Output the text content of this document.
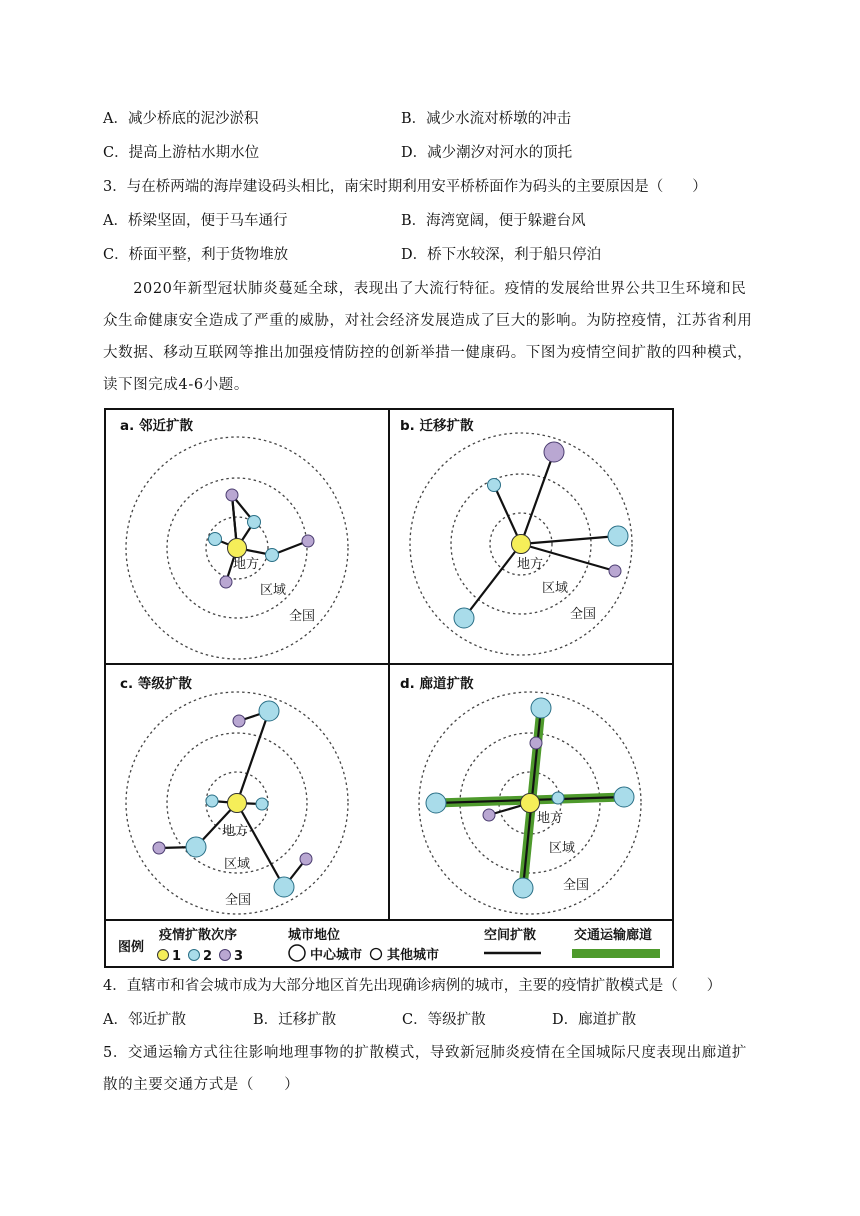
A．减少桥底的泥沙淤积	B．减少水流对桥墩的冲击
C．提高上游枯水期水位	D．减少潮汐对河水的顶托
3．与在桥两端的海岸建设码头相比，南宋时期利用安平桥桥面作为码头的主要原因是（　　）
A．桥梁坚固，便于马车通行	B．海湾宽阔，便于躲避台风
C．桥面平整，利于货物堆放	D．桥下水较深，利于船只停泊
　　2020年新型冠状肺炎蔓延全球，表现出了大流行特征。疫情的发展给世界公共卫生环境和民众生命健康安全造成了严重的威胁，对社会经济发展造成了巨大的影响。为防控疫情，江苏省利用大数据、移动互联网等推出加强疫情防控的创新举措一健康码。下图为疫情空间扩散的四种模式，读下图完成4-6小题。
a. 邻近扩散
地方
区域
全国
b. 迁移扩散
地方
区域
全国
c. 等级扩散
地方
区域
全国
d. 廊道扩散
地方
区域
全国
图例
疫情扩散次序
1 2 3
城市地位
中心城市 其他城市
空间扩散	交通运输廊道
4．直辖市和省会城市成为大部分地区首先出现确诊病例的城市，主要的疫情扩散模式是（　　）
A．邻近扩散	B．迁移扩散	C．等级扩散	D．廊道扩散
5．交通运输方式往往影响地理事物的扩散模式，导致新冠肺炎疫情在全国城际尺度表现出廊道扩散的主要交通方式是（　　）
